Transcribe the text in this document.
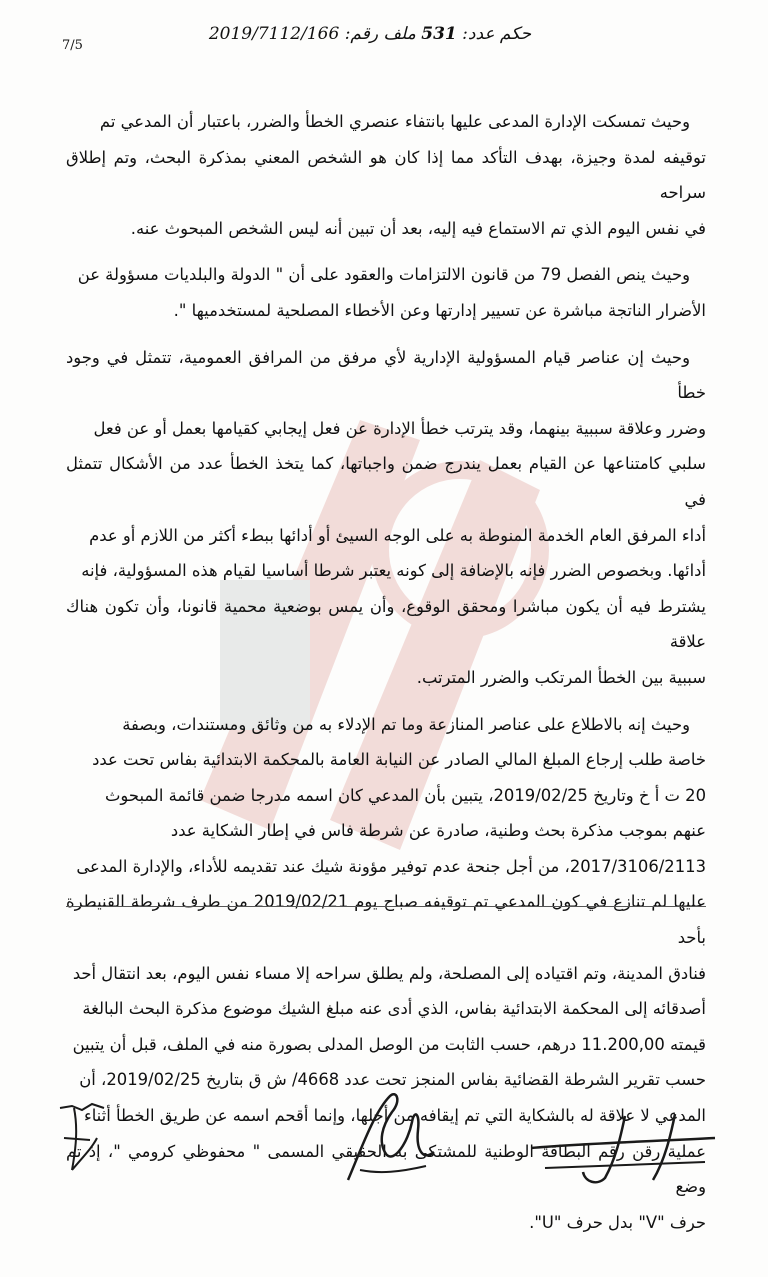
حكم عدد: 531 ملف رقم: 2019/7112/166
7/5

وحيث تمسكت الإدارة المدعى عليها بانتفاء عنصري الخطأ والضرر، باعتبار أن المدعي تم

توقيفه لمدة وجيزة، بهدف التأكد مما إذا كان هو الشخص المعني بمذكرة البحث، وتم إطلاق سراحه

في نفس اليوم الذي تم الاستماع فيه إليه، بعد أن تبين أنه ليس الشخص المبحوث عنه.

وحيث ينص الفصل 79 من قانون الالتزامات والعقود على أن " الدولة والبلديات مسؤولة عن

الأضرار الناتجة مباشرة عن تسيير إدارتها وعن الأخطاء المصلحية لمستخدميها ".

وحيث إن عناصر قيام المسؤولية الإدارية لأي مرفق من المرافق العمومية، تتمثل في وجود خطأ

وضرر وعلاقة سببية بينهما، وقد يترتب خطأ الإدارة عن فعل إيجابي كقيامها بعمل أو عن فعل

سلبي كامتناعها عن القيام بعمل يندرج ضمن واجباتها، كما يتخذ الخطأ عدد من الأشكال تتمثل في

أداء المرفق العام الخدمة المنوطة به على الوجه السيئ أو أدائها ببطء أكثر من اللازم أو عدم

أدائها. وبخصوص الضرر فإنه بالإضافة إلى كونه يعتبر شرطا أساسيا لقيام هذه المسؤولية، فإنه

يشترط فيه أن يكون مباشرا ومحقق الوقوع، وأن يمس بوضعية محمية قانونا، وأن تكون هناك علاقة

سببية بين الخطأ المرتكب والضرر المترتب.

وحيث إنه بالاطلاع على عناصر المنازعة وما تم الإدلاء به من وثائق ومستندات، وبصفة

خاصة طلب إرجاع المبلغ المالي الصادر عن النيابة العامة بالمحكمة الابتدائية بفاس تحت عدد

20 ت أ خ وتاريخ 2019/02/25، يتبين بأن المدعي كان اسمه مدرجا ضمن قائمة المبحوث

عنهم بموجب مذكرة بحث وطنية، صادرة عن شرطة فاس في إطار الشكاية عدد

2017/3106/2113، من أجل جنحة عدم توفير مؤونة شيك عند تقديمه للأداء، والإدارة المدعى

عليها لم تنازع في كون المدعي تم توقيفه صباح يوم 2019/02/21 من طرف شرطة القنيطرة بأحد

فنادق المدينة، وتم اقتياده إلى المصلحة، ولم يطلق سراحه إلا مساء نفس اليوم، بعد انتقال أحد

أصدقائه إلى المحكمة الابتدائية بفاس، الذي أدى عنه مبلغ الشيك موضوع مذكرة البحث البالغة

قيمته 11.200,00 درهم، حسب الثابت من الوصل المدلى بصورة منه في الملف، قبل أن يتبين

حسب تقرير الشرطة القضائية بفاس المنجز تحت عدد 4668/ ش ق بتاريخ 2019/02/25، أن

المدعي لا علاقة له بالشكاية التي تم إيقافه من أجلها، وإنما أقحم اسمه عن طريق الخطأ أثناء

عملية رقن رقم البطاقة الوطنية للمشتكى به الحقيقي المسمى " محفوظي كرومي "، إذ تم وضع

حرف "V" بدل حرف "U".
